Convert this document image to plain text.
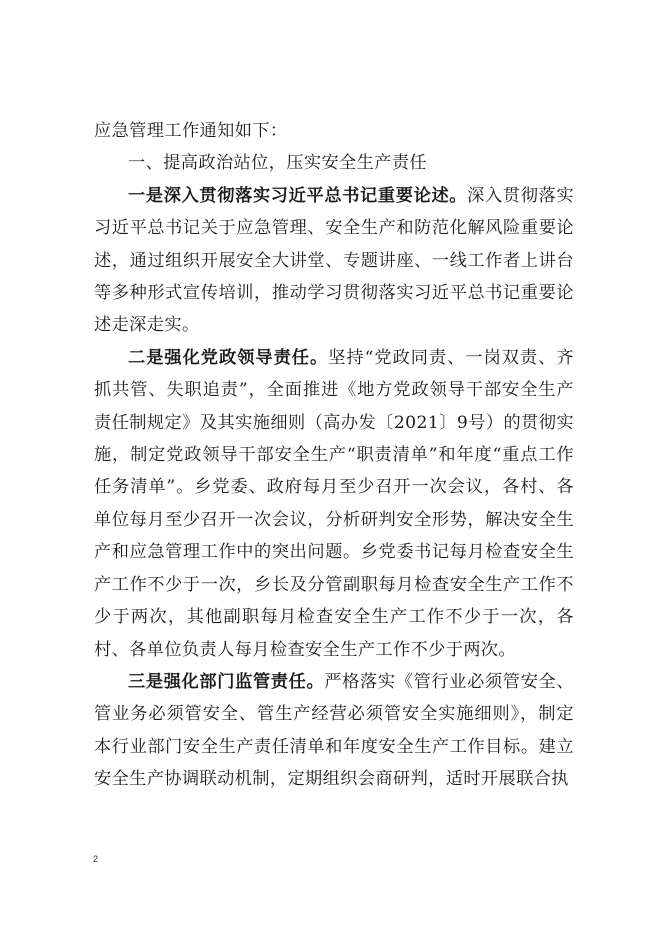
应急管理工作通知如下：

一、提高政治站位，压实安全生产责任

一是深入贯彻落实习近平总书记重要论述。深入贯彻落实习近平总书记关于应急管理、安全生产和防范化解风险重要论述，通过组织开展安全大讲堂、专题讲座、一线工作者上讲台等多种形式宣传培训，推动学习贯彻落实习近平总书记重要论述走深走实。

二是强化党政领导责任。坚持“党政同责、一岗双责、齐抓共管、失职追责”，全面推进《地方党政领导干部安全生产责任制规定》及其实施细则（高办发〔2021〕9号）的贯彻实施，制定党政领导干部安全生产“职责清单”和年度“重点工作任务清单”。乡党委、政府每月至少召开一次会议，各村、各单位每月至少召开一次会议，分析研判安全形势，解决安全生产和应急管理工作中的突出问题。乡党委书记每月检查安全生产工作不少于一次，乡长及分管副职每月检查安全生产工作不少于两次，其他副职每月检查安全生产工作不少于一次，各村、各单位负责人每月检查安全生产工作不少于两次。

三是强化部门监管责任。严格落实《管行业必须管安全、管业务必须管安全、管生产经营必须管安全实施细则》，制定本行业部门安全生产责任清单和年度安全生产工作目标。建立安全生产协调联动机制，定期组织会商研判，适时开展联合执

2
